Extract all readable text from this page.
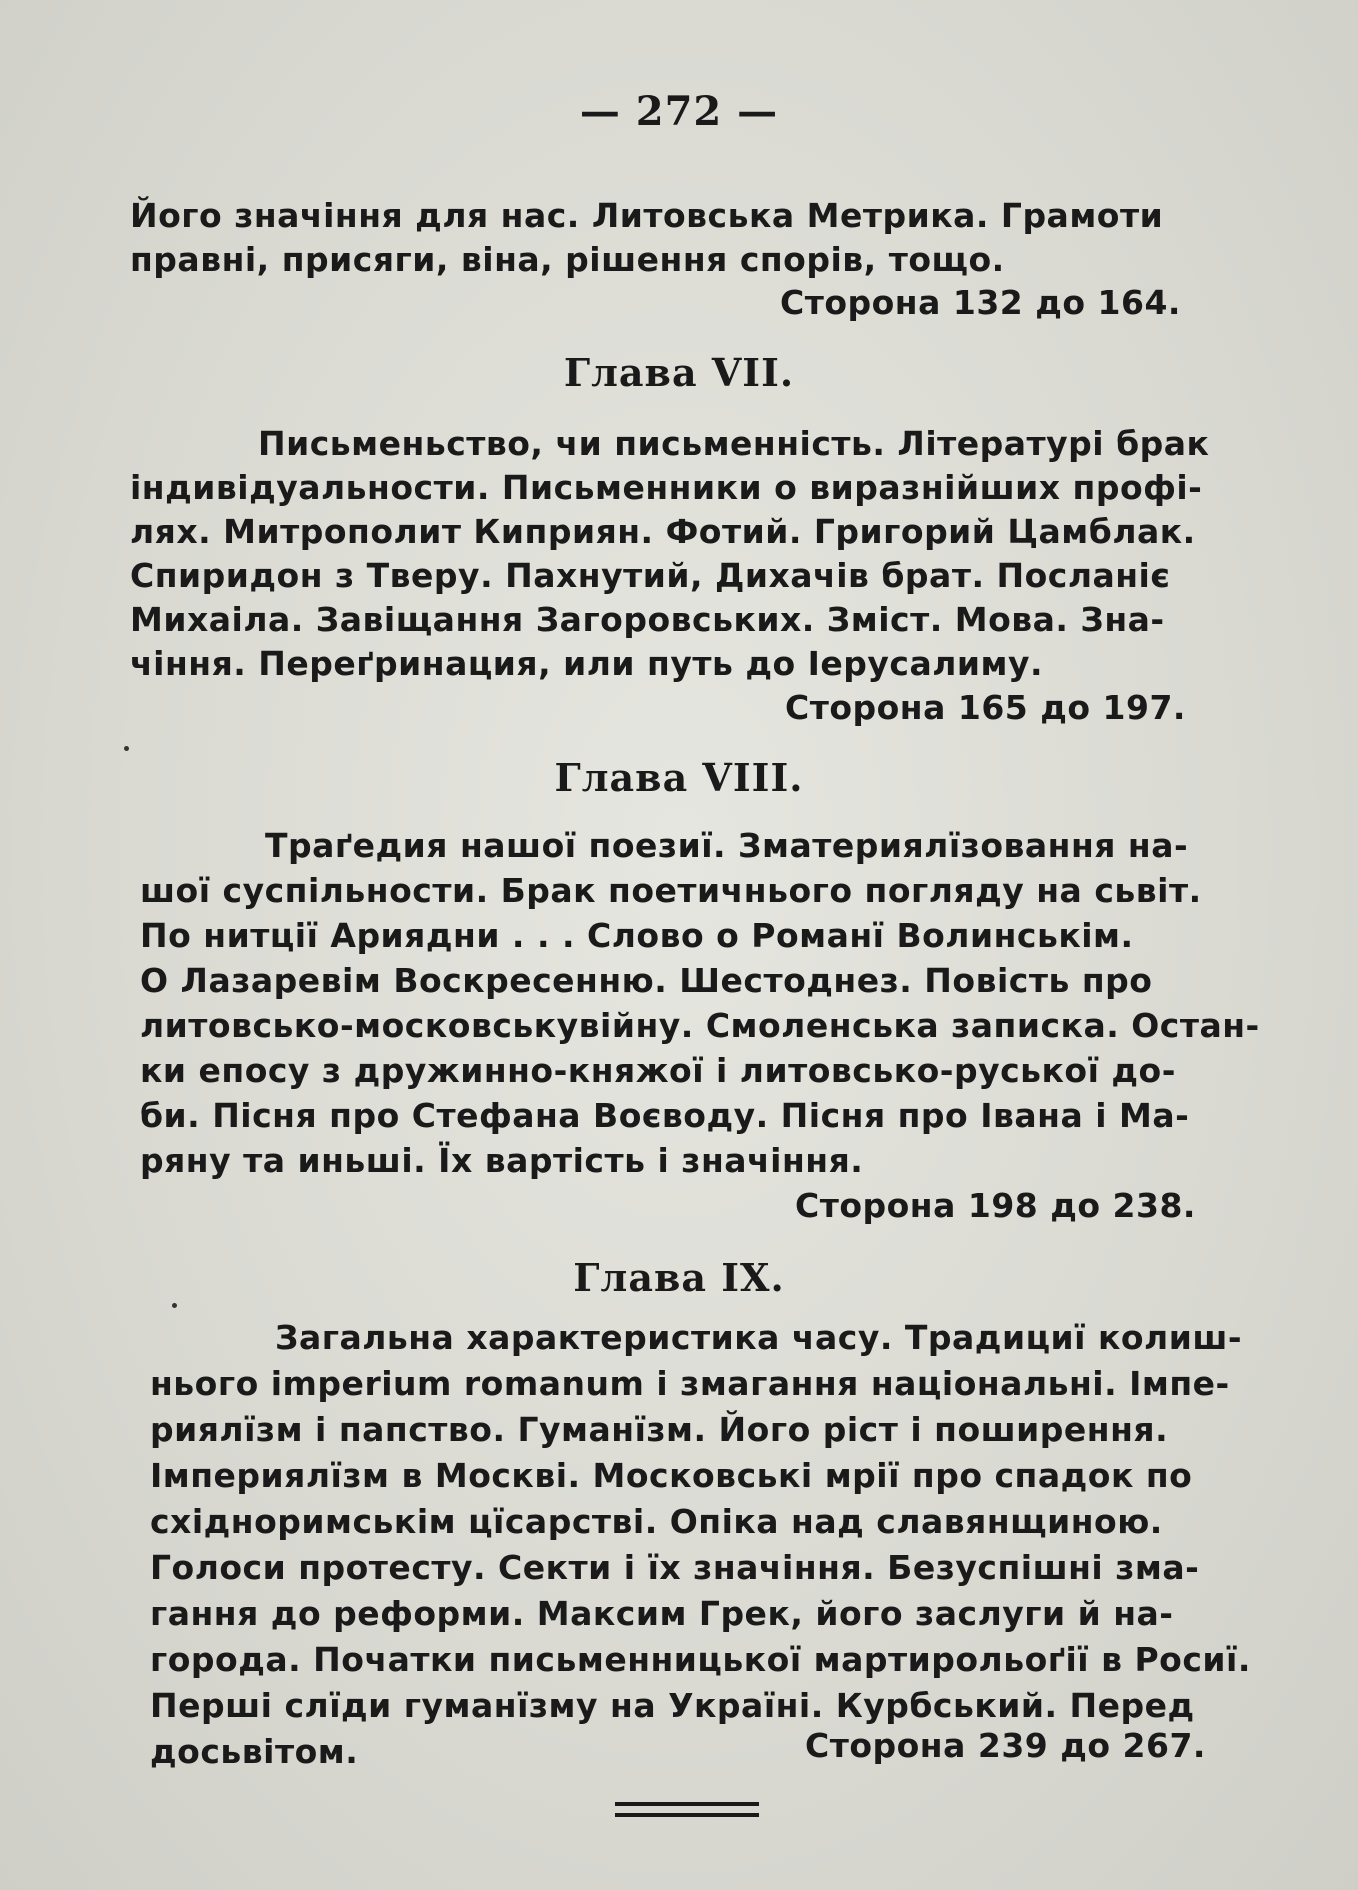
— 272 —
Його значіння для нас. Литовська Метрика. Грамоти
правні, присяги, віна, рішення спорів, тощо.
Сторона 132 до 164.
Глава VII.
Письменьство, чи письменність. Літературі брак
індивідуальности. Письменники о виразнійших профі-
лях. Митрополит Киприян. Фотий. Григорий Цамблак.
Спиридон з Тверу. Пахнутий, Дихачів брат. Посланіє
Михаіла. Завіщання Загоровських. Зміст. Мова. Зна-
чіння. Переґринация, или путь до Іерусалиму.
Сторона 165 до 197.
Глава VIII.
Траґедия нашої поезиї. Зматериялїзовання на-
шої суспільности. Брак поетичнього погляду на сьвіт.
По нитції Ариядни . . . Слово о Романї Волинськім.
О Лазаревім Воскресенню. Шестоднез. Повість про
литовсько-московськувійну. Смоленська записка. Остан-
ки епосу з дружинно-княжої і литовсько-руської до-
би. Пісня про Стефана Воєводу. Пісня про Івана і Ма-
ряну та иньші. Їх вартість і значіння.
Сторона 198 до 238.
Глава IX.
Загальна характеристика часу. Традициї колиш-
нього imperium romanum і змагання національні. Імпе-
риялїзм і папство. Гуманїзм. Його ріст і поширення.
Імпериялїзм в Москві. Московські мрії про спадок по
східноримськім цїсарстві. Опіка над славянщиною.
Голоси протесту. Секти і їх значіння. Безуспішні зма-
гання до реформи. Максим Грек, його заслуги й на-
города. Початки письменницької мартирольоґії в Росиї.
Перші слїди гуманїзму на Україні. Курбський. Перед
досьвітом.	Сторона 239 до 267.
